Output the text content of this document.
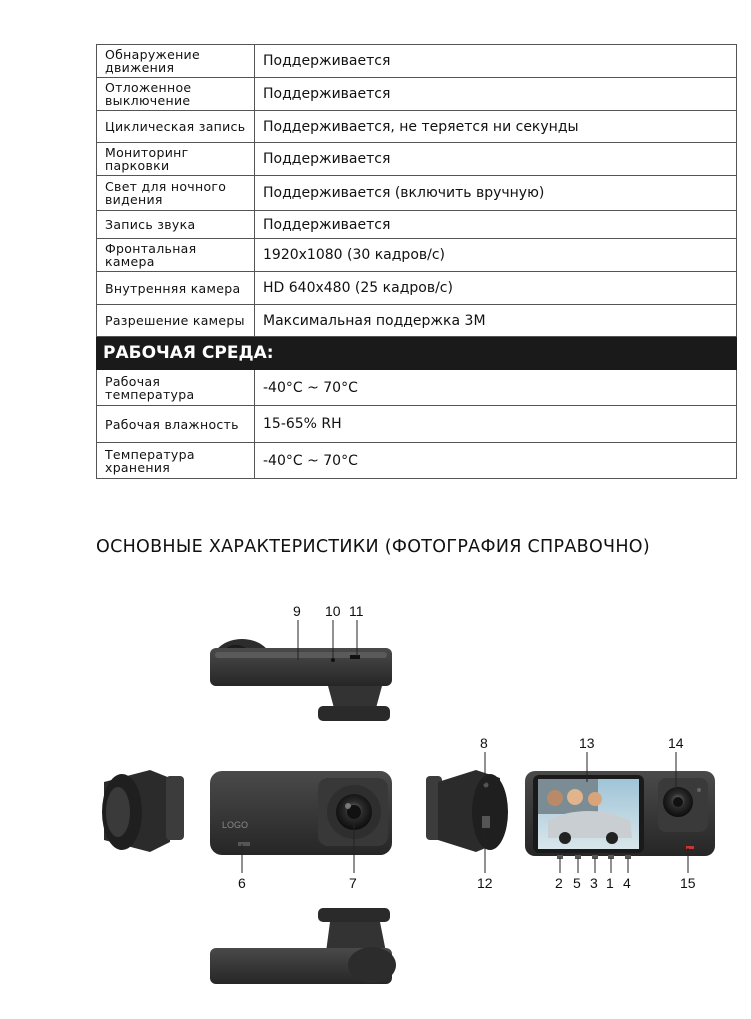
Обнаружение движения	Поддерживается
Отложенное выключение	Поддерживается
Циклическая запись	Поддерживается, не теряется ни секунды
Мониторинг парковки	Поддерживается
Свет для ночного видения	Поддерживается (включить вручную)
Запись звука	Поддерживается
Фронтальная камера	1920x1080 (30 кадров/с)
Внутренняя камера	HD 640x480 (25 кадров/с)
Разрешение камеры	Максимальная поддержка 3M
РАБОЧАЯ СРЕДА:	
Рабочая температура	-40°C ~ 70°C
Рабочая влажность	15-65% RH
Температура хранения	-40°C ~ 70°C
ОСНОВНЫЕ ХАРАКТЕРИСТИКИ (ФОТОГРАФИЯ СПРАВОЧНО)
LOGO
9 10 11
8	13	14
6	7	12	2 5 3 1 4	15
